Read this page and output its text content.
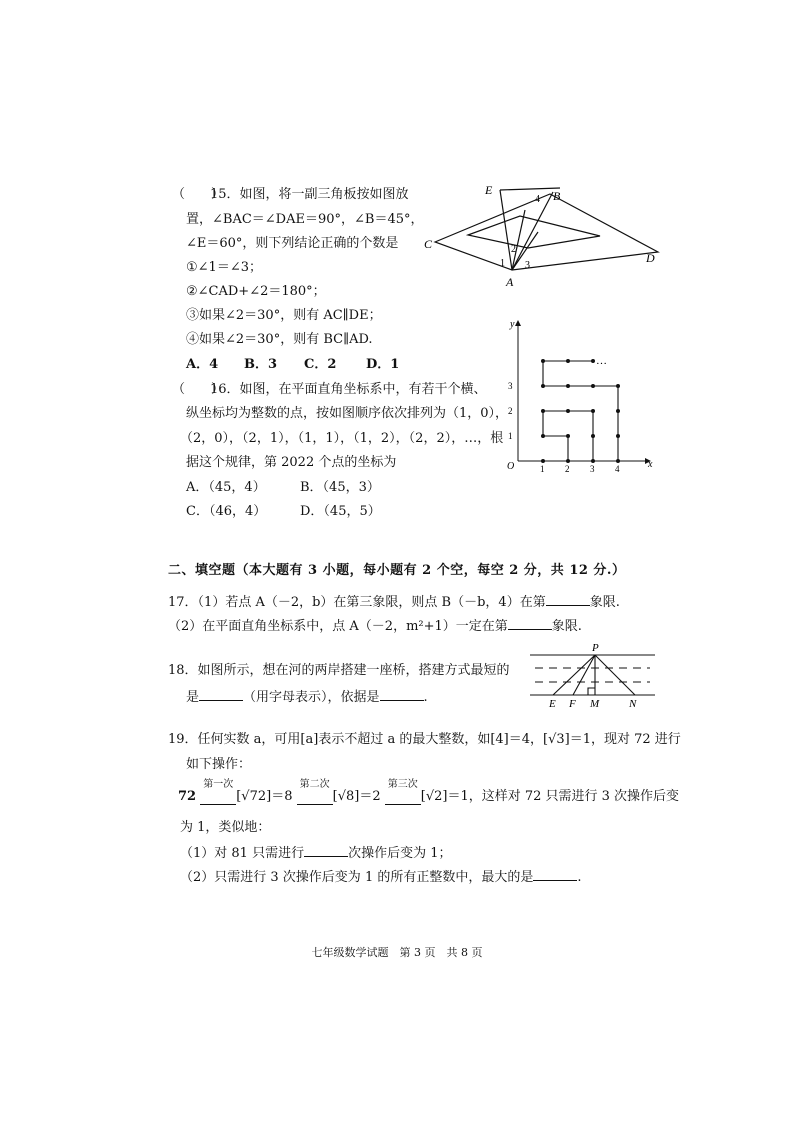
（　　）
15．如图，将一副三角板按如图放
置，∠BAC＝∠DAE＝90°，∠B＝45°，
∠E＝60°，则下列结论正确的个数是
①∠1＝∠3；
②∠CAD+∠2＝180°；
③如果∠2＝30°，则有 AC∥DE；
④如果∠2＝30°，则有 BC∥AD.
A．4 B．3 C．2 D．1
E	B
C
D
A
1
2
3
4
（　　）
16．如图，在平面直角坐标系中，有若干个横、
纵坐标均为整数的点，按如图顺序依次排列为（1，0），
（2，0），（2，1），（1，1），（1，2），（2，2），…，根
据这个规律，第 2022 个点的坐标为
A．（45，4）	B．（45，3）
C．（46，4）	D．（45，5）
…
y
x
O	1 2 3 4
1
2
3
二、填空题（本大题有 3 小题，每小题有 2 个空，每空 2 分，共 12 分.）
17．（1）若点 A（－2，b）在第三象限，则点 B（－b，4）在第	象限.
（2）在平面直角坐标系中，点 A（－2，m²+1）一定在第	象限.
18．如图所示，想在河的两岸搭建一座桥，搭建方式最短的
是	（用字母表示），依据是	.
P
E F M	N
19．任何实数 a，可用[a]表示不超过 a 的最大整数，如[4]＝4，[√3]＝1，现对 72 进行
如下操作：
72
第一次
[√72]＝8
第二次
[√8]＝2
第三次
[√2]＝1，这样对 72 只需进行 3 次操作后变
为 1，类似地：
（1）对 81 只需进行	次操作后变为 1；
（2）只需进行 3 次操作后变为 1 的所有正整数中，最大的是	.
七年级数学试题　第 3 页　共 8 页
